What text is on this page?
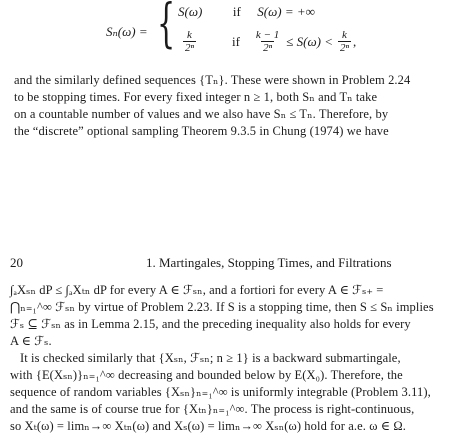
Sₙ(ω) = { S(ω) if S(ω) = +∞
$\frac{k}{\text{2ⁿ}}$	if $\frac{k - 1}{\text{2ⁿ}} \le S(\omega) < \frac{k}{\text{2ⁿ}}$ ,
and the similarly defined sequences {Tₙ}. These were shown in Problem 2.24
to be stopping times. For every fixed integer n ≥ 1, both Sₙ and Tₙ take
on a countable number of values and we also have Sₙ ≤ Tₙ. Therefore, by
the “discrete” optional sampling Theorem 9.3.5 in Chung (1974) we have
20	1. Martingales, Stopping Times, and Filtrations
∫ₐXₛₙ dP ≤ ∫ₐXₜₙ dP for every A ∈ ℱₛₙ, and a fortiori for every A ∈ ℱₛ₊ =
⋂ₙ₌₁^∞ ℱₛₙ by virtue of Problem 2.23. If S is a stopping time, then S ≤ Sₙ implies
ℱₛ ⊆ ℱₛₙ as in Lemma 2.15, and the preceding inequality also holds for every
A ∈ ℱₛ.
It is checked similarly that {Xₛₙ, ℱₛₙ; n ≥ 1} is a backward submartingale,
with {E(Xₛₙ)}ₙ₌₁^∞ decreasing and bounded below by E(X₀). Therefore, the
sequence of random variables {Xₛₙ}ₙ₌₁^∞ is uniformly integrable (Problem 3.11),
and the same is of course true for {Xₜₙ}ₙ₌₁^∞. The process is right-continuous,
so Xₜ(ω) = limₙ→∞ Xₜₙ(ω) and Xₛ(ω) = limₙ→∞ Xₛₙ(ω) hold for a.e. ω ∈ Ω.
